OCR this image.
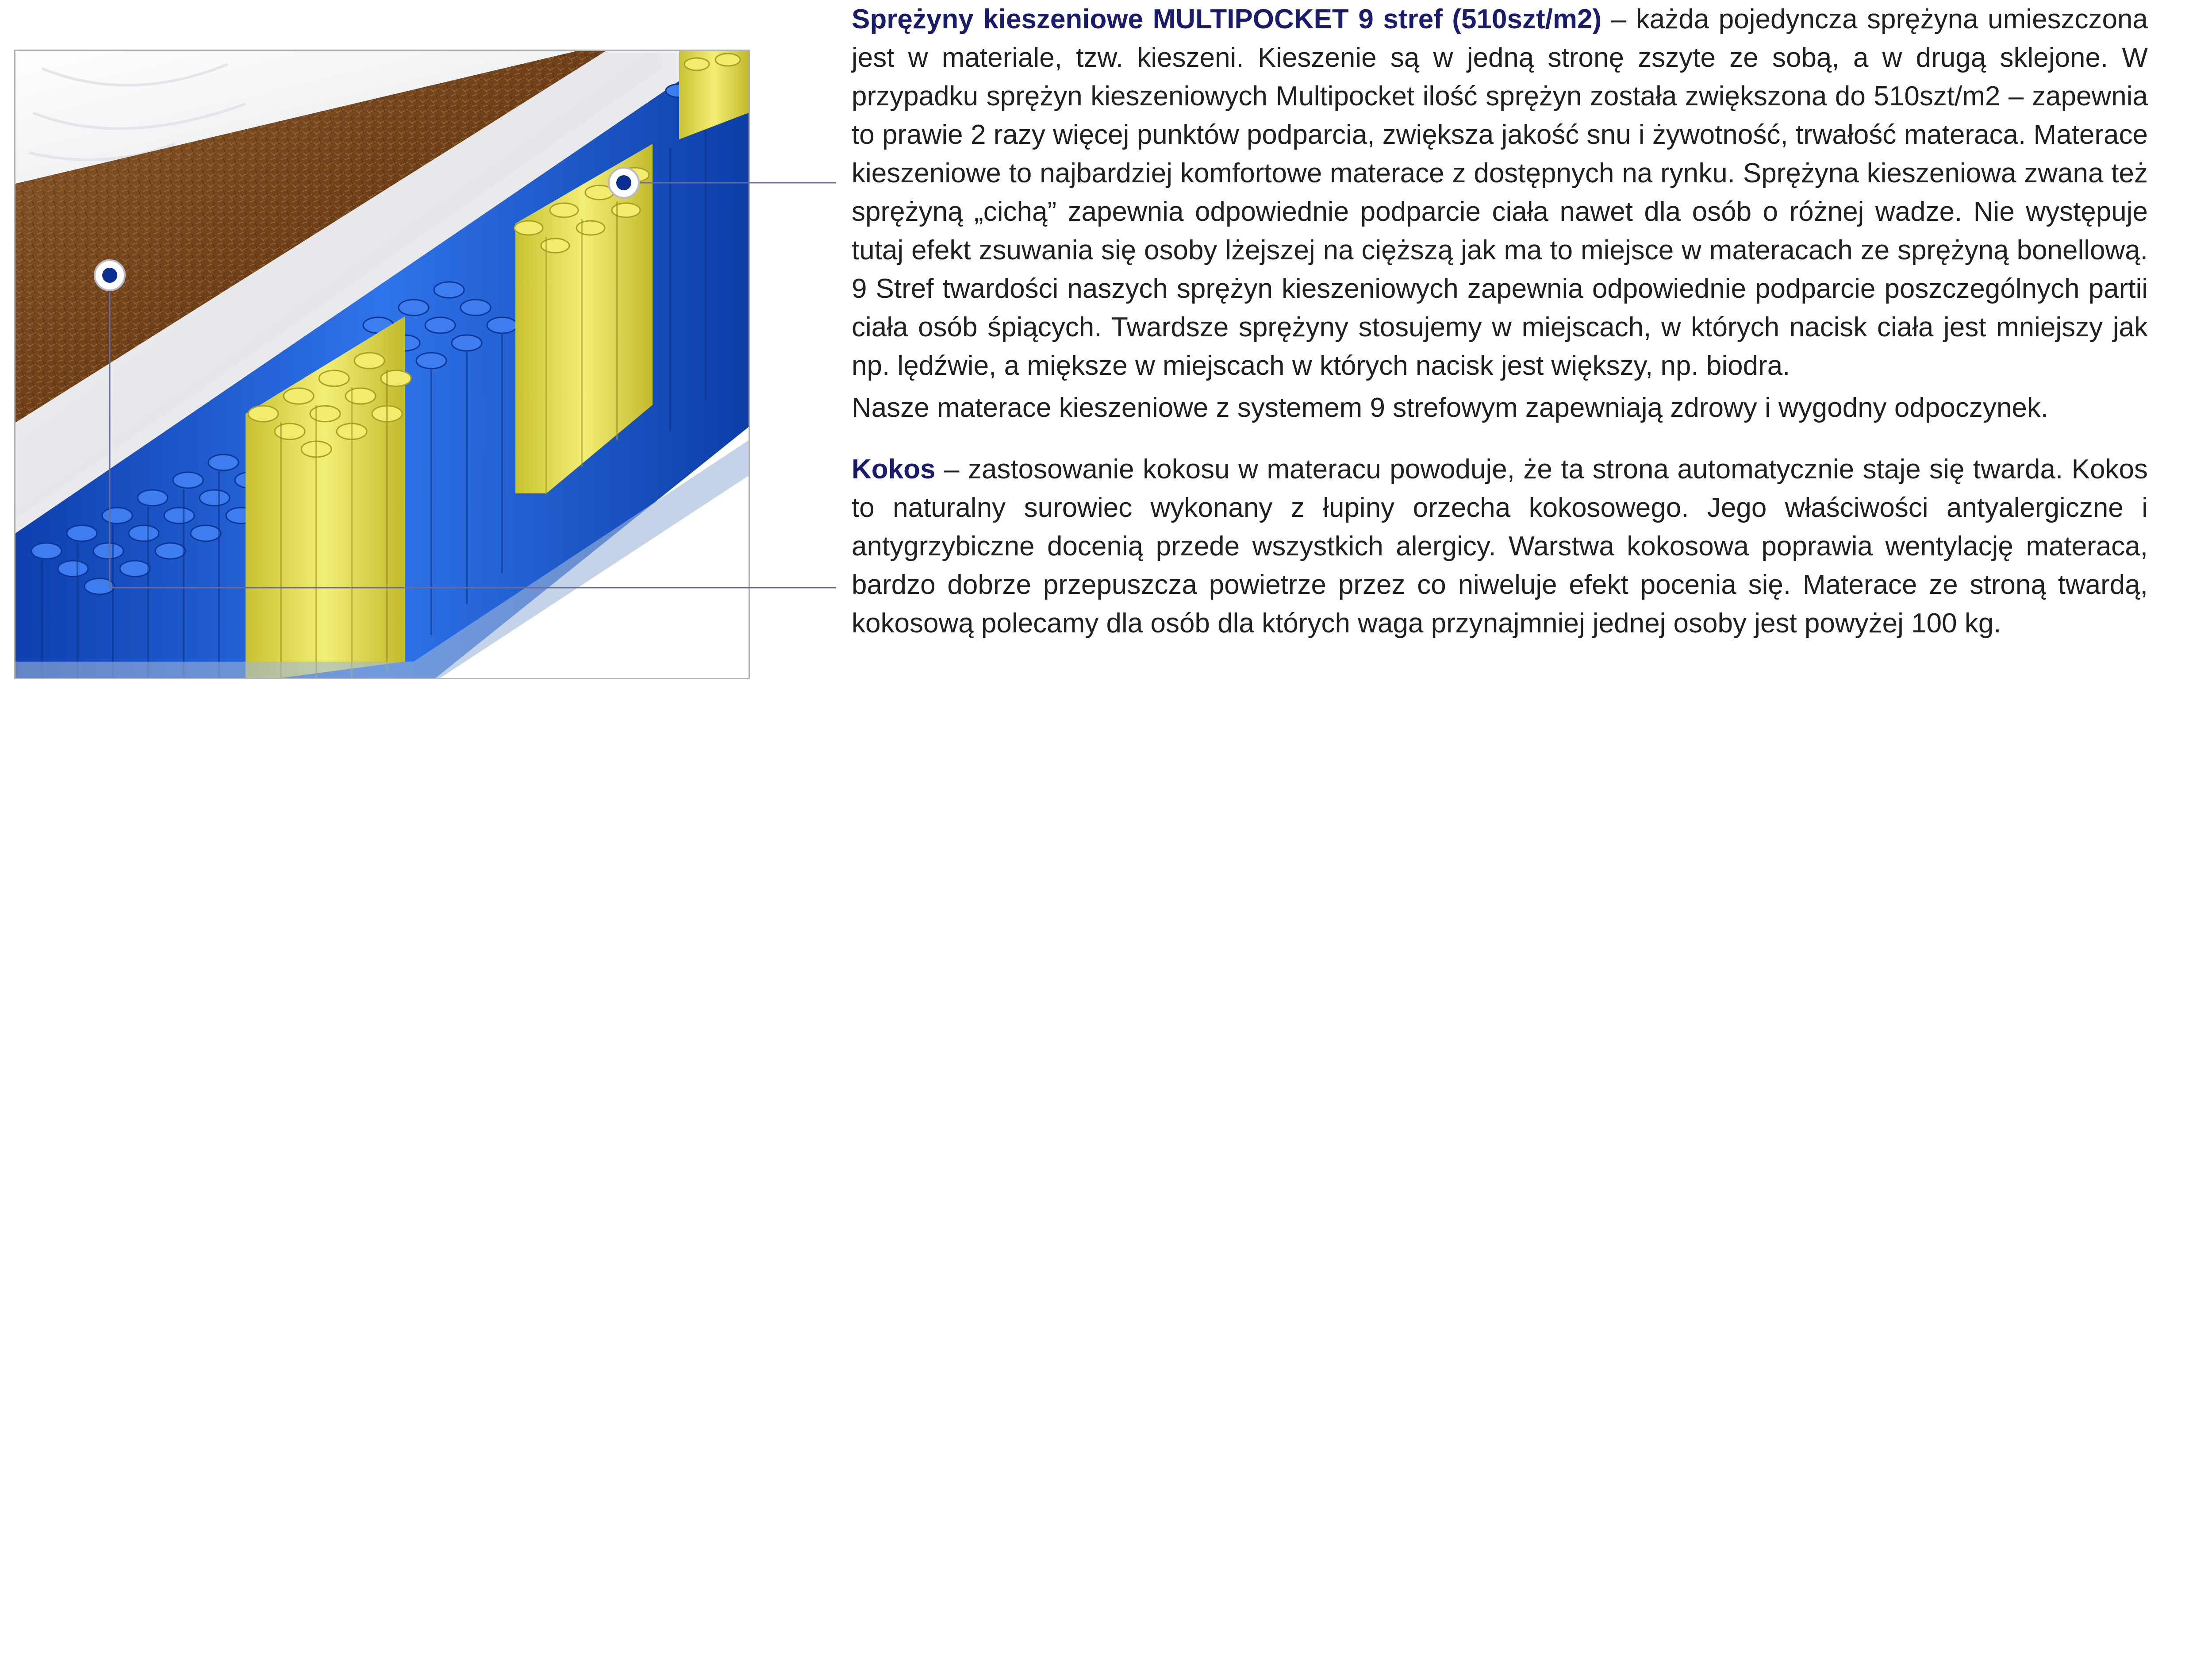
Sprężyny kieszeniowe MULTIPOCKET 9 stref (510szt/m2) – każda pojedyncza sprężyna umieszczona jest w materiale, tzw. kieszeni. Kieszenie są w jedną stronę zszyte ze sobą, a w drugą sklejone. W przypadku sprężyn kieszeniowych Multipocket ilość sprężyn została zwiększona do 510szt/m2 – zapewnia to prawie 2 razy więcej punktów podparcia, zwiększa jakość snu i żywotność, trwałość materaca. Materace kieszeniowe to najbardziej komfortowe materace z dostępnych na rynku. Sprężyna kieszeniowa zwana też sprężyną „cichą” zapewnia odpowiednie podparcie ciała nawet dla osób o różnej wadze. Nie występuje tutaj efekt zsuwania się osoby lżejszej na cięższą jak ma to miejsce w materacach ze sprężyną bonellową. 9 Stref twardości naszych sprężyn kieszeniowych zapewnia odpowiednie podparcie poszczególnych partii ciała osób śpiących. Twardsze sprężyny stosujemy w miejscach, w których nacisk ciała jest mniejszy jak np. lędźwie, a miększe w miejscach w których nacisk jest większy, np. biodra.

Nasze materace kieszeniowe z systemem 9 strefowym zapewniają zdrowy i wygodny odpoczynek.

Kokos – zastosowanie kokosu w materacu powoduje, że ta strona automatycznie staje się twarda. Kokos to naturalny surowiec wykonany z łupiny orzecha kokosowego. Jego właściwości antyalergiczne i antygrzybiczne docenią przede wszystkich alergicy. Warstwa kokosowa poprawia wentylację materaca, bardzo dobrze przepuszcza powietrze przez co niweluje efekt pocenia się. Materace ze stroną twardą, kokosową polecamy dla osób dla których waga przynajmniej jednej osoby jest powyżej 100 kg.
